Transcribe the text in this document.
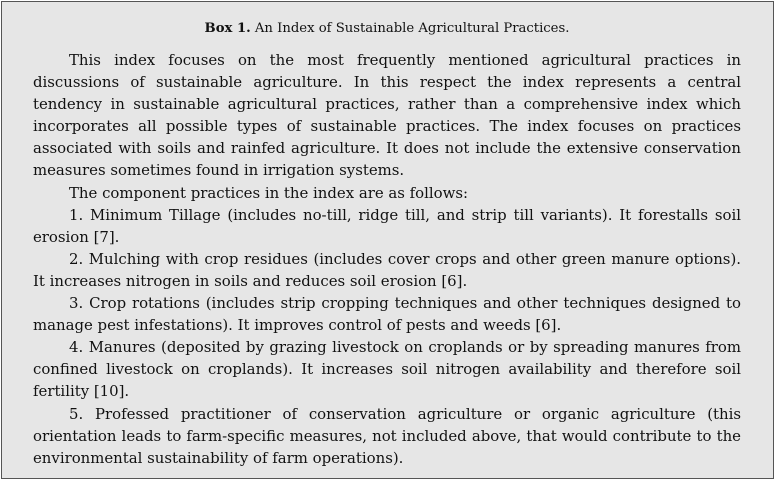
Box 1. An Index of Sustainable Agricultural Practices.

This index focuses on the most frequently mentioned agricultural practices in discussions of sustainable agriculture. In this respect the index represents a central tendency in sustainable agricultural practices, rather than a comprehensive index which incorporates all possible types of sustainable practices. The index focuses on practices associated with soils and rainfed agriculture. It does not include the extensive conservation measures sometimes found in irrigation systems.

The component practices in the index are as follows:

1. Minimum Tillage (includes no-till, ridge till, and strip till variants). It forestalls soil erosion [7].

2. Mulching with crop residues (includes cover crops and other green manure options). It increases nitrogen in soils and reduces soil erosion [6].

3. Crop rotations (includes strip cropping techniques and other techniques designed to manage pest infestations). It improves control of pests and weeds [6].

4. Manures (deposited by grazing livestock on croplands or by spreading manures from confined livestock on croplands). It increases soil nitrogen availability and therefore soil fertility [10].

5. Professed practitioner of conservation agriculture or organic agriculture (this orientation leads to farm-specific measures, not included above, that would contribute to the environmental sustainability of farm operations).
